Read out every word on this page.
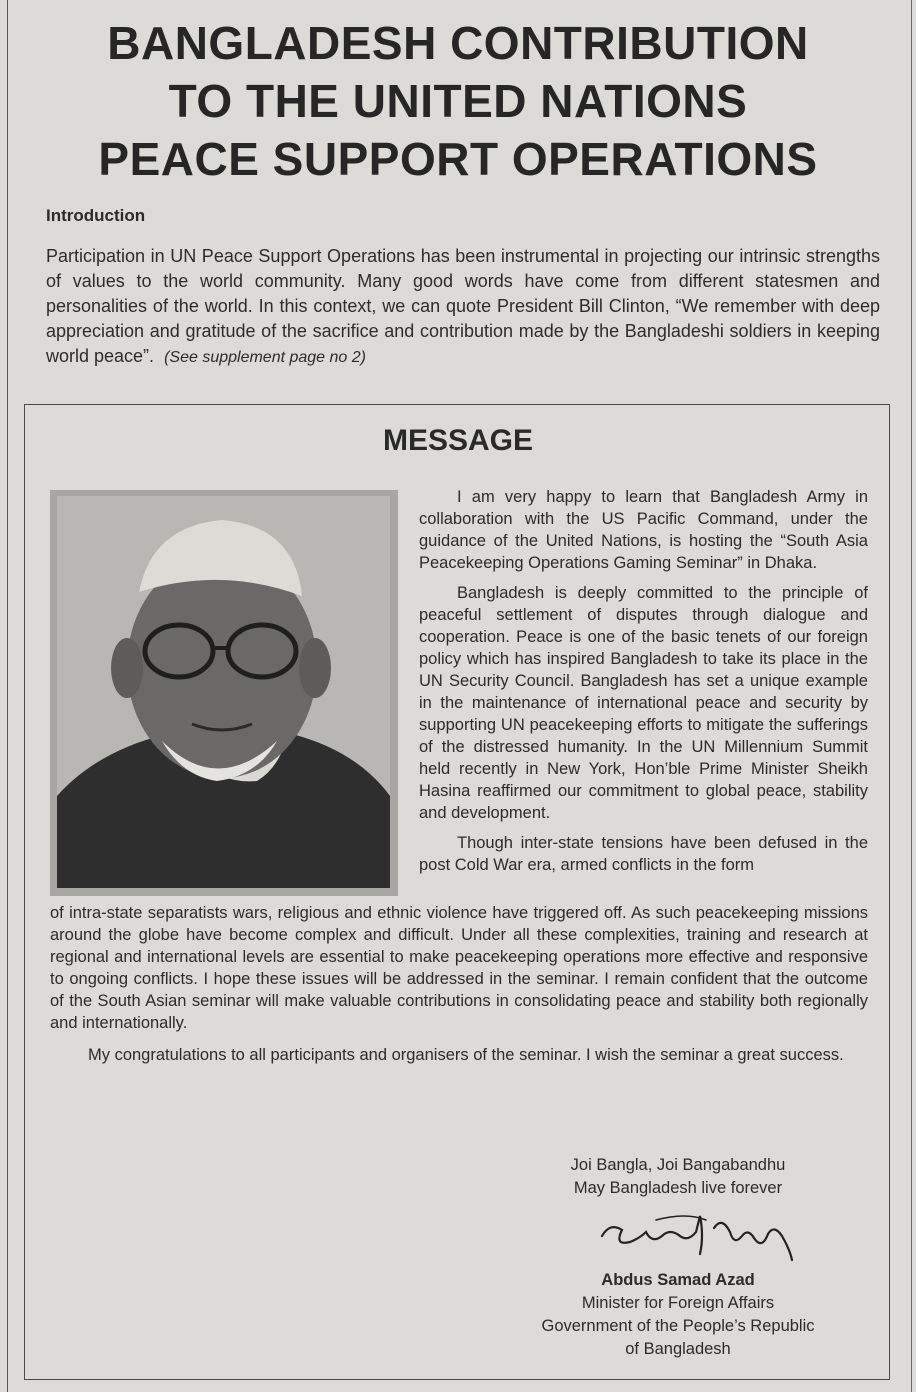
BANGLADESH CONTRIBUTION
TO THE UNITED NATIONS
PEACE SUPPORT OPERATIONS
Introduction
Participation in UN Peace Support Operations has been instrumental in projecting our intrinsic strengths of values to the world community. Many good words have come from different statesmen and personalities of the world. In this context, we can quote President Bill Clinton, “We remember with deep appreciation and gratitude of the sacrifice and contribution made by the Bangladeshi soldiers in keeping world peace”. (See supplement page no 2)
MESSAGE

I am very happy to learn that Bangladesh Army in collaboration with the US Pacific Command, under the guidance of the United Nations, is hosting the “South Asia Peacekeeping Operations Gaming Seminar” in Dhaka.

Bangladesh is deeply committed to the principle of peaceful settlement of disputes through dialogue and cooperation. Peace is one of the basic tenets of our foreign policy which has inspired Bangladesh to take its place in the UN Security Council. Bangladesh has set a unique example in the maintenance of international peace and security by supporting UN peacekeeping efforts to mitigate the sufferings of the distressed humanity. In the UN Millennium Summit held recently in New York, Hon’ble Prime Minister Sheikh Hasina reaffirmed our commitment to global peace, stability and development.

Though inter-state tensions have been defused in the post Cold War era, armed conflicts in the form

of intra-state separatists wars, religious and ethnic violence have triggered off. As such peacekeeping missions around the globe have become complex and difficult. Under all these complexities, training and research at regional and international levels are essential to make peacekeeping operations more effective and responsive to ongoing conflicts. I hope these issues will be addressed in the seminar. I remain confident that the outcome of the South Asian seminar will make valuable contributions in consolidating peace and stability both regionally and internationally.

My congratulations to all participants and organisers of the seminar. I wish the seminar a great success.

Joi Bangla, Joi Bangabandhu
May Bangladesh live forever
Abdus Samad Azad
Minister for Foreign Affairs
Government of the People’s Republic
of Bangladesh
